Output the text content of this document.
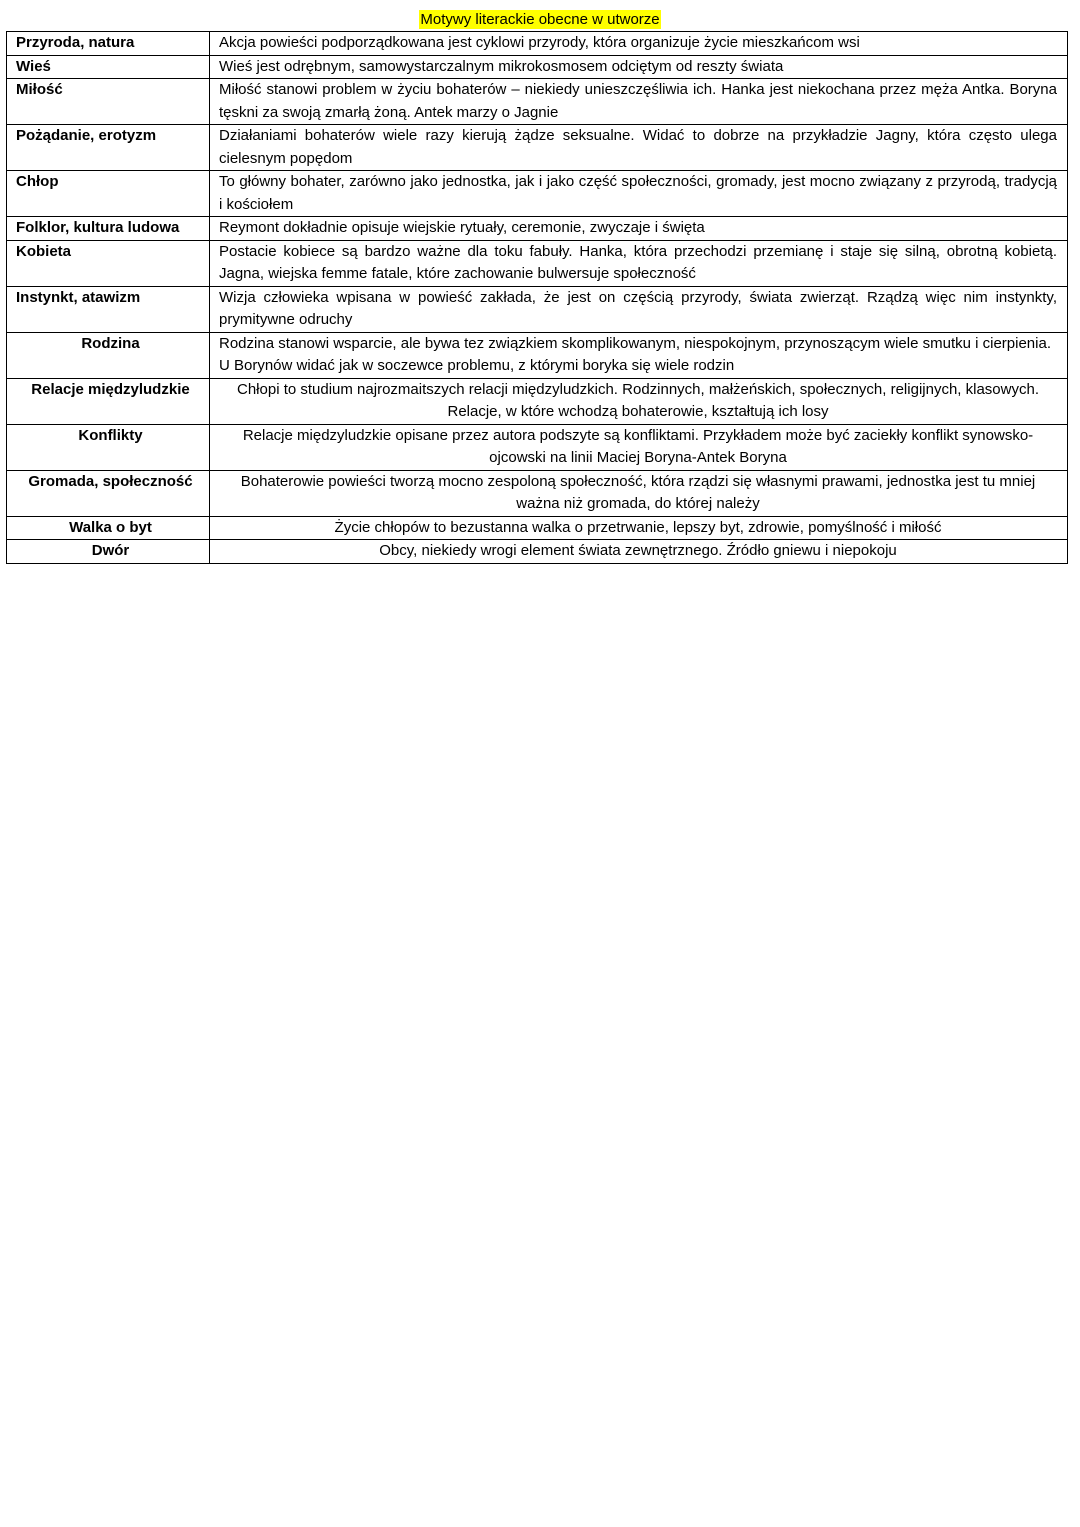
Motywy literackie obecne w utworze
Przyroda, natura	Akcja powieści podporządkowana jest cyklowi przyrody, która organizuje życie mieszkańcom wsi
Wieś	Wieś jest odrębnym, samowystarczalnym mikrokosmosem odciętym od reszty świata
Miłość	Miłość stanowi problem w życiu bohaterów – niekiedy unieszczęśliwia ich. Hanka jest niekochana przez męża Antka. Boryna tęskni za swoją zmarłą żoną. Antek marzy o Jagnie
Pożądanie, erotyzm	Działaniami bohaterów wiele razy kierują żądze seksualne. Widać to dobrze na przykładzie Jagny, która często ulega cielesnym popędom
Chłop	To główny bohater, zarówno jako jednostka, jak i jako część społeczności, gromady, jest mocno związany z przyrodą, tradycją i kościołem
Folklor, kultura ludowa	Reymont dokładnie opisuje wiejskie rytuały, ceremonie, zwyczaje i święta
Kobieta	Postacie kobiece są bardzo ważne dla toku fabuły. Hanka, która przechodzi przemianę i staje się silną, obrotną kobietą. Jagna, wiejska femme fatale, które zachowanie bulwersuje społeczność
Instynkt, atawizm	Wizja człowieka wpisana w powieść zakłada, że jest on częścią przyrody, świata zwierząt. Rządzą więc nim instynkty, prymitywne odruchy
Rodzina	Rodzina stanowi wsparcie, ale bywa tez związkiem skomplikowanym, niespokojnym, przynoszącym wiele smutku i cierpienia. U Borynów widać jak w soczewce problemu, z którymi boryka się wiele rodzin
Relacje międzyludzkie	Chłopi to studium najrozmaitszych relacji międzyludzkich. Rodzinnych, małżeńskich, społecznych, religijnych, klasowych. Relacje, w które wchodzą bohaterowie, kształtują ich losy
Konflikty	Relacje międzyludzkie opisane przez autora podszyte są konfliktami. Przykładem może być zaciekły konflikt synowsko-ojcowski na linii Maciej Boryna-Antek Boryna
Gromada, społeczność	Bohaterowie powieści tworzą mocno zespoloną społeczność, która rządzi się własnymi prawami, jednostka jest tu mniej ważna niż gromada, do której należy
Walka o byt	Życie chłopów to bezustanna walka o przetrwanie, lepszy byt, zdrowie, pomyślność i miłość
Dwór	Obcy, niekiedy wrogi element świata zewnętrznego. Źródło gniewu i niepokoju
